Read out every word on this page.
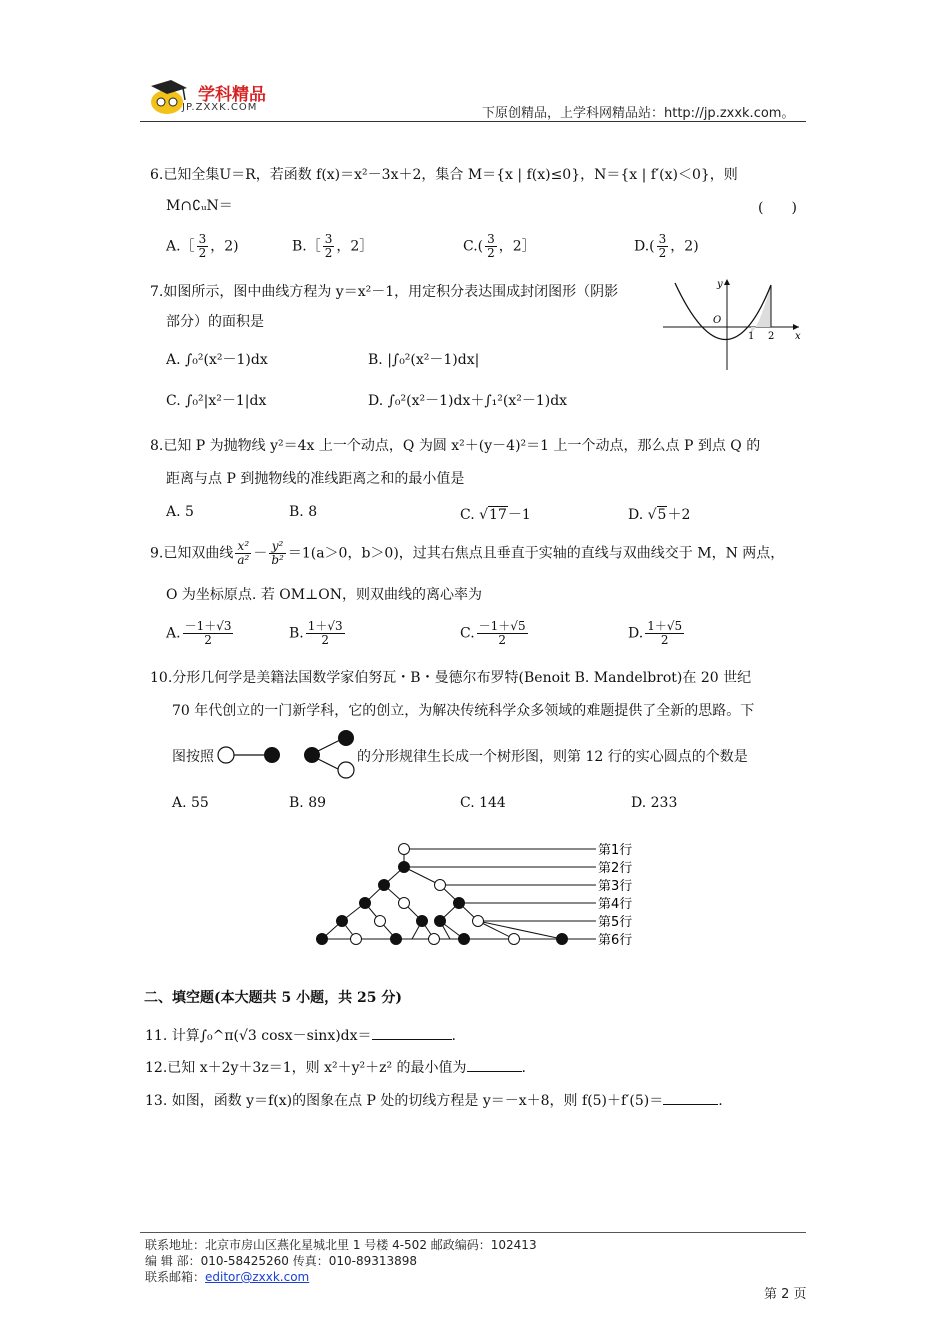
学科精品
JP.ZXXK.COM	下原创精品，上学科网精品站：http://jp.zxxk.com。
6.已知全集U＝R，若函数 f(x)＝x²－3x＋2，集合 M＝{x | f(x)≤0}，N＝{x | f′(x)＜0}，则
M∩∁ᵤN＝	(　　)
A.［ $\frac{3}{2}$ ，2)	B.［ $\frac{3}{2}$ ，2］	$C.( \frac{3}{2}$ ，2］	$D.( \frac{3}{2}$ ，2)
7.如图所示，图中曲线方程为 y＝x²－1，用定积分表达围成封闭图形（阴影
部分）的面积是
A. ∫₀²(x²－1)dx	B. |∫₀²(x²－1)dx|
C. ∫₀²|x²－1|dx	D. ∫₀²(x²－1)dx＋∫₁²(x²－1)dx
O
y
x
1 2
8.已知 P 为抛物线 y²＝4x 上一个动点，Q 为圆 x²＋(y－4)²＝1 上一个动点，那么点 P 到点 Q 的
距离与点 P 到抛物线的准线距离之和的最小值是
A. 5	B. 8	C. √17－1	D. √5＋2
9.已知双曲线 $\frac{\text{x²}}{\text{a²}} - \frac{\text{y²}}{\text{b²}} =1(a>0$，b＞0)，过其右焦点且垂直于实轴的直线与双曲线交于 M，N 两点，
O 为坐标原点. 若 OM⊥ON，则双曲线的离心率为
A. $\frac{-1+√3}{2}$	B. $\frac{1+√3}{2}$	C. $\frac{-1+√5}{2}$	D. $\frac{1+√5}{2}$
10.分形几何学是美籍法国数学家伯努瓦・B・曼德尔布罗特(Benoit B. Mandelbrot)在 20 世纪
70 年代创立的一门新学科，它的创立，为解决传统科学众多领域的难题提供了全新的思路。下
图按照	的分形规律生长成一个树形图，则第 12 行的实心圆点的个数是
A. 55	B. 89	C. 144	D. 233
第1行
第2行
第3行
第4行
第5行
第6行
二、填空题(本大题共 5 小题，共 25 分)
11. 计算∫₀^π(√3 cosx－sinx)dx＝	.
12.已知 x＋2y＋3z＝1，则 x²＋y²＋z² 的最小值为	.
13. 如图，函数 y＝f(x)的图象在点 P 处的切线方程是 y＝－x＋8，则 f(5)＋f′(5)＝	.
联系地址：北京市房山区燕化星城北里 1 号楼 4-502 邮政编码：102413
编 辑 部：010-58425260 传真：010-89313898
联系邮箱：editor@zxxk.com
第 2 页
